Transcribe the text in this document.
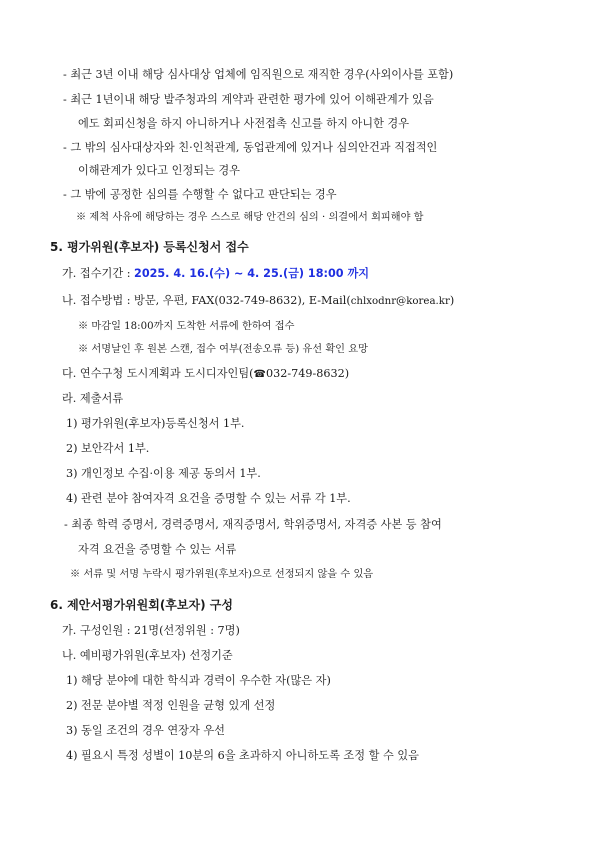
- 최근 3년 이내 해당 심사대상 업체에 임직원으로 재직한 경우(사외이사를 포함)
- 최근 1년이내 해당 발주청과의 계약과 관련한 평가에 있어 이해관계가 있음
에도 회피신청을 하지 아니하거나 사전접촉 신고를 하지 아니한 경우
- 그 밖의 심사대상자와 친·인척관계, 동업관계에 있거나 심의안건과 직접적인
이해관계가 있다고 인정되는 경우
- 그 밖에 공정한 심의를 수행할 수 없다고 판단되는 경우
※ 제척 사유에 해당하는 경우 스스로 해당 안건의 심의 · 의결에서 회피해야 함
5. 평가위원(후보자) 등록신청서 접수
가. 접수기간 : 2025. 4. 16.(수) ~ 4. 25.(금) 18:00 까지
나. 접수방법 : 방문, 우편, FAX(032-749-8632), E-Mail(chlxodnr@korea.kr)
※ 마감일 18:00까지 도착한 서류에 한하여 접수
※ 서명날인 후 원본 스캔, 접수 여부(전송오류 등) 유선 확인 요망
다. 연수구청 도시계획과 도시디자인팀(☎032-749-8632)
라. 제출서류
1) 평가위원(후보자)등록신청서 1부.
2) 보안각서 1부.
3) 개인정보 수집·이용 제공 동의서 1부.
4) 관련 분야 참여자격 요건을 증명할 수 있는 서류 각 1부.
- 최종 학력 증명서, 경력증명서, 재직증명서, 학위증명서, 자격증 사본 등 참여
자격 요건을 증명할 수 있는 서류
※ 서류 및 서명 누락시 평가위원(후보자)으로 선정되지 않을 수 있음
6. 제안서평가위원회(후보자) 구성
가. 구성인원 : 21명(선정위원 : 7명)
나. 예비평가위원(후보자) 선정기준
1) 해당 분야에 대한 학식과 경력이 우수한 자(많은 자)
2) 전문 분야별 적정 인원을 균형 있게 선정
3) 동일 조건의 경우 연장자 우선
4) 필요시 특정 성별이 10분의 6을 초과하지 아니하도록 조정 할 수 있음
